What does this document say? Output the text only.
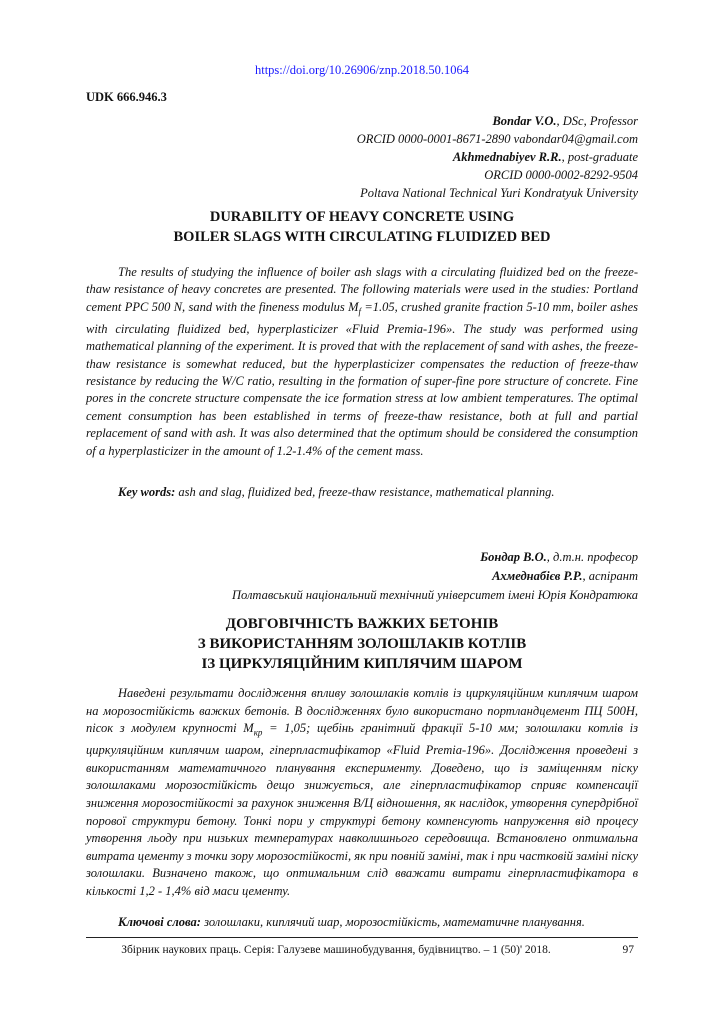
https://doi.org/10.26906/znp.2018.50.1064
UDK 666.946.3
Bondar V.O., DSc, Professor
ORCID 0000-0001-8671-2890 vabondar04@gmail.com
Akhmednabiyev R.R., post-graduate
ORCID 0000-0002-8292-9504
Poltava National Technical Yuri Kondratyuk University
DURABILITY OF HEAVY CONCRETE USING
BOILER SLAGS WITH CIRCULATING FLUIDIZED BED
The results of studying the influence of boiler ash slags with a circulating fluidized bed on the freeze-thaw resistance of heavy concretes are presented. The following materials were used in the studies: Portland cement PPC 500 N, sand with the fineness modulus $M_f =1.05$, crushed granite fraction 5-10 mm, boiler ashes with circulating fluidized bed, hyperplasticizer «Fluid Premia-196». The study was performed using mathematical planning of the experiment. It is proved that with the replacement of sand with ashes, the freeze-thaw resistance is somewhat reduced, but the hyperplasticizer compensates the reduction of freeze-thaw resistance by reducing the W/C ratio, resulting in the formation of super-fine pore structure of concrete. Fine pores in the concrete structure compensate the ice formation stress at low ambient temperatures. The optimal cement consumption has been established in terms of freeze-thaw resistance, both at full and partial replacement of sand with ash. It was also determined that the optimum should be considered the consumption of a hyperplasticizer in the amount of 1.2-1.4% of the cement mass.
Key words: ash and slag, fluidized bed, freeze-thaw resistance, mathematical planning.
Бондар В.О., д.т.н. професор
Ахмеднабієв Р.Р., аспірант
Полтавський національний технічний університет імені Юрія Кондратюка
ДОВГОВІЧНІСТЬ ВАЖКИХ БЕТОНІВ
З ВИКОРИСТАННЯМ ЗОЛОШЛАКІВ КОТЛІВ
ІЗ ЦИРКУЛЯЦІЙНИМ КИПЛЯЧИМ ШАРОМ
Наведені результати дослідження впливу золошлаків котлів із циркуляційним киплячим шаром на морозостійкість важких бетонів. В дослідженнях було використано портландцемент ПЦ 500Н, пісок з модулем крупності $М_{кр} = 1,05$; щебінь гранітний фракції 5-10 мм; золошлаки котлів із циркуляційним киплячим шаром, гіперпластифікатор «Fluid Premia-196». Дослідження проведені з використанням математичного планування експерименту. Доведено, що із заміщенням піску золошлаками морозостійкість дещо знижується, але гіперпластифікатор сприяє компенсації зниження морозостійкості за рахунок зниження В/Ц відношення, як наслідок, утворення супердрібної порової структури бетону. Тонкі пори у структурі бетону компенсують напруження від процесу утворення льоду при низьких температурах навколишнього середовища. Встановлено оптимальна витрата цементу з точки зору морозостійкості, як при повній заміні, так і при частковій заміні піску золошлаки. Визначено також, що оптимальним слід вважати витрати гіперпластифікатора в кількості 1,2 - 1,4% від маси цементу.
Ключові слова: золошлаки, киплячий шар, морозостійкість, математичне планування.
Збірник наукових праць. Серія: Галузеве машинобудування, будівництво. – 1 (50)' 2018.	97
